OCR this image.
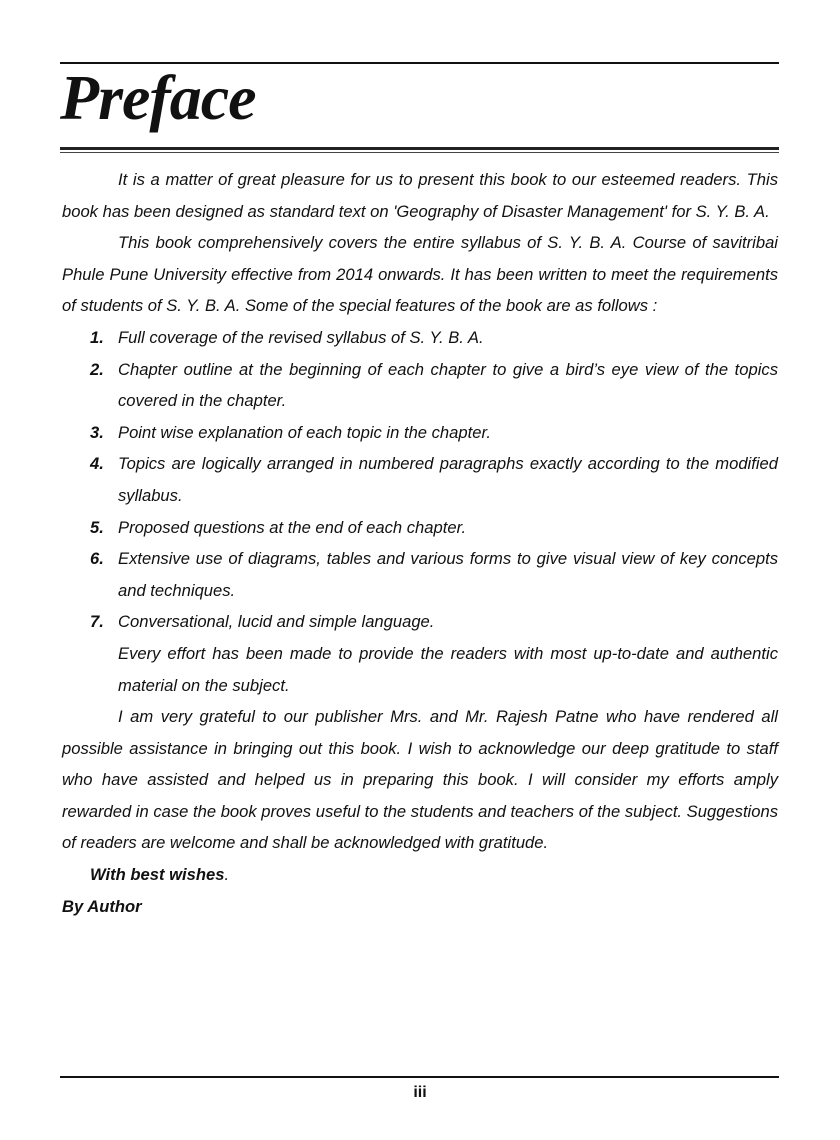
Preface

It is a matter of great pleasure for us to present this book to our esteemed readers. This book has been designed as standard text on 'Geography of Disaster Management' for S. Y. B. A.

This book comprehensively covers the entire syllabus of S. Y. B. A. Course of savitribai Phule Pune University effective from 2014 onwards. It has been written to meet the requirements of students of S. Y. B. A. Some of the special features of the book are as follows :

1. Full coverage of the revised syllabus of S. Y. B. A.
2. Chapter outline at the beginning of each chapter to give a bird’s eye view of the topics covered in the chapter.
3. Point wise explanation of each topic in the chapter.
4. Topics are logically arranged in numbered paragraphs exactly according to the modified syllabus.
5. Proposed questions at the end of each chapter.
6. Extensive use of diagrams, tables and various forms to give visual view of key concepts and techniques.
7. Conversational, lucid and simple language.

Every effort has been made to provide the readers with most up-to-date and authentic material on the subject.

I am very grateful to our publisher Mrs. and Mr. Rajesh Patne who have rendered all possible assistance in bringing out this book. I wish to acknowledge our deep gratitude to staff who have assisted and helped us in preparing this book. I will consider my efforts amply rewarded in case the book proves useful to the students and teachers of the subject. Suggestions of readers are welcome and shall be acknowledged with gratitude.

With best wishes.

By Author

iii
